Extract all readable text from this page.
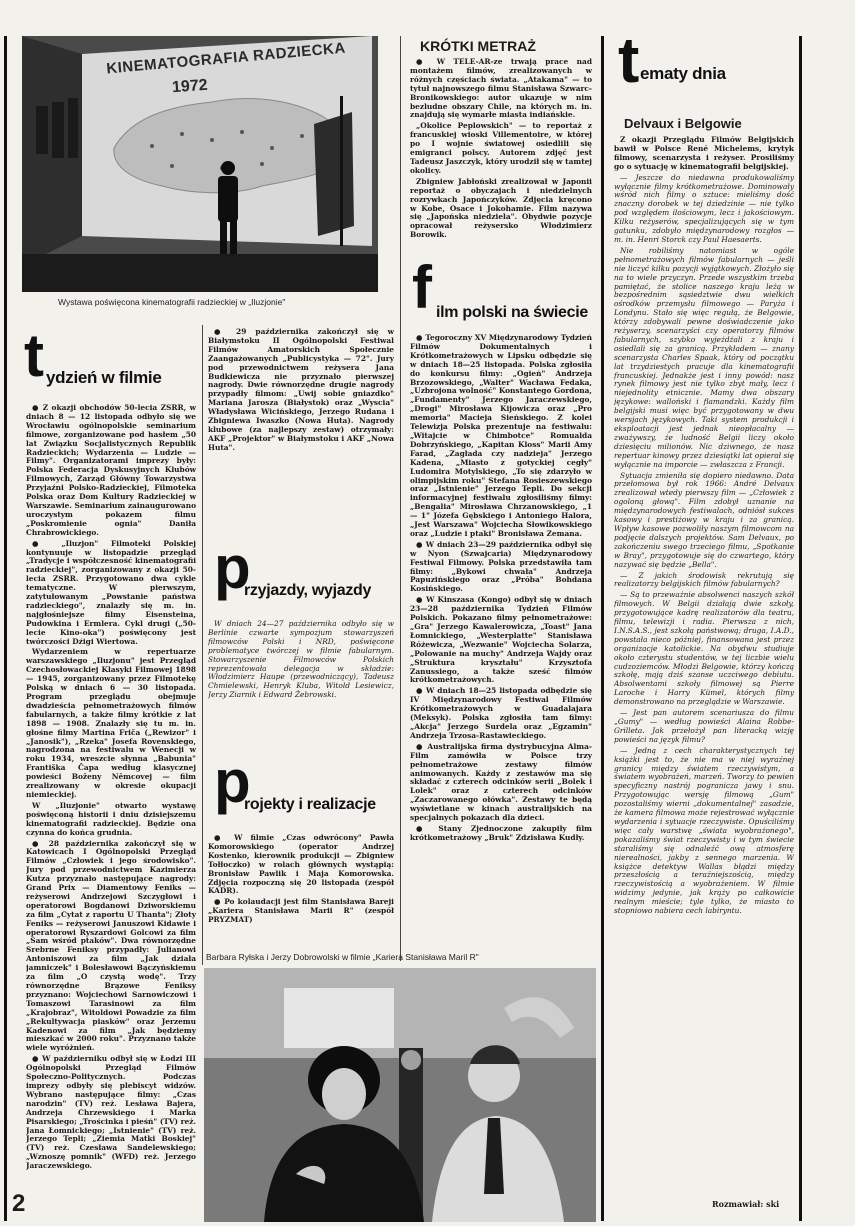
KINEMATOGRAFIA RADZIECKA
1972
Wystawa poświęcona kinematografii radzieckiej w „Iluzjonie"
KRÓTKI METRAŻ

● W TELE-AR-ze trwają prace nad montażem filmów, zrealizowanych w różnych częściach świata. „Atakama" — to tytuł najnowszego filmu Stanisława Szwarc-Bronikowskiego: autor ukazuje w nim bezludne obszary Chile, na których m. in. znajdują się wymarłe miasta indiańskie.

„Okolice Peplowskich" — to reportaż z francuskiej wioski Villementoire, w której po I wojnie światowej osiedlili się emigranci polscy. Autorem zdjęć jest Tadeusz Jaszczyk, który urodził się w tamtej okolicy.

Zbigniew Jabłoński zrealizował w Japonii reportaż o obyczajach i niedzielnych rozrywkach Japończyków. Zdjęcia kręcono w Kobe, Osace i Jokohamie. Film nazywa się „Japońska niedziela". Obydwie pozycje opracował reżysersko Włodzimierz Borowik.

f ilm polski na świecie

● Tegoroczny XV Międzynarodowy Tydzień Filmów Dokumentalnych i Krótkometrażowych w Lipsku odbędzie się w dniach 18—25 listopada. Polska zgłosiła do konkursu filmy: „Ogień" Andrzeja Brzozowskiego, „Walter" Wacława Fedaka, „Uzbrojona wolność" Konstantego Gordona, „Fundamenty" Jerzego Jaraczewskiego, „Drogi" Mirosława Kijowicza oraz „Pro memoria" Macieja Sieńskiego. Z kolei Telewizja Polska prezentuje na festiwalu: „Witajcie w Chimbotce" Romualda Dobrzyńskiego, „Kapitan Kloss" Marii Amy Farad, „Zagłada czy nadzieja" Jerzego Kadena, „Miasto z gotyckiej cegły" Ludomira Motylskiego, „To się zdarzyło w olimpijskim roku" Stefana Rosieszewskiego oraz „Istnienie" Jerzego Tepli. Do sekcji informacyjnej festiwalu zgłosiliśmy filmy: „Bengalia" Mirosława Chrzanowskiego, „1 — 1" Józefa Gębskiego i Antoniego Halora, „Jest Warszawa" Wojciecha Słowikowskiego oraz „Ludzie i ptaki" Bronisława Zemana.

● W dniach 23—29 października odbył się w Nyon (Szwajcaria) Międzynarodowy Festiwal Filmowy. Polska przedstawiła tam filmy: „Bykowi chwała" Andrzeja Papuzińskiego oraz „Próba" Bohdana Kosińskiego.

● W Kinszasa (Kongo) odbył się w dniach 23—28 października Tydzień Filmów Polskich. Pokazano filmy pełnometrażowe: „Gra" Jerzego Kawalerowicza, „Toast" Jana Łomnickiego, „Westerplatte" Stanisława Różewicza, „Wezwanie" Wojciecha Solarza, „Polowanie na muchy" Andrzeja Wajdy oraz „Struktura kryształu" Krzysztofa Zanussiego, a także sześć filmów krótkometrażowych.

● W dniach 18—25 listopada odbędzie się IV Międzynarodowy Festiwal Filmów Krótkometrażowych w Guadalajara (Meksyk). Polska zgłosiła tam filmy: „Akcja" Jerzego Surdela oraz „Egzamin" Andrzeja Trzosa-Rastawieckiego.

● Australijska firma dystrybucyjna Alma-Film zamówiła w Polsce trzy pełnometrażowe zestawy filmów animowanych. Każdy z zestawów ma się składać z czterech odcinków serii „Bolek i Lolek" oraz z czterech odcinków „Zaczarowanego ołówka". Zestawy te będą wyświetlane w kinach australijskich na specjalnych pokazach dla dzieci.

● Stany Zjednoczone zakupiły film krótkometrażowy „Bruk" Zdzisława Kudły.

t ematy dnia
Delvaux i Belgowie

Z okazji Przeglądu Filmów Belgijskich bawił w Polsce René Michelems, krytyk filmowy, scenarzysta i reżyser. Prosiliśmy go o sytuację w kinematografii belgijskiej.

— Jeszcze do niedawna produkowaliśmy wyłącznie filmy krótkometrażowe. Dominowały wśród nich filmy o sztuce: mieliśmy dość znaczny dorobek w tej dziedzinie — nie tylko pod względem ilościowym, lecz i jakościowym. Kilku reżyserów, specjalizujących się w tym gatunku, zdobyło międzynarodowy rozgłos — m. in. Henri Storck czy Paul Haesaerts.

Nie robiliśmy natomiast w ogóle pełnometrażowych filmów fabularnych — jeśli nie liczyć kilku pozycji wyjątkowych. Złożyło się na to wiele przyczyn. Przede wszystkim trzeba pamiętać, że stolice naszego kraju leżą w bezpośrednim sąsiedztwie dwu wielkich ośrodków przemysłu filmowego — Paryża i Londynu. Stało się więc regułą, że Belgowie, którzy zdobywali pewne doświadczenie jako reżyserzy, scenarzyści czy operatorzy filmów fabularnych, szybko wyjeżdżali z kraju i osiedlali się za granicą. Przykładem — znany scenarzysta Charles Spaak, który od początku lat trzydziestych pracuje dla kinematografii francuskiej. Jednakże jest i inny powód: nasz rynek filmowy jest nie tylko zbyt mały, lecz i niejednolity etnicznie. Mamy dwa obszary językowe: walloński i flamandzki. Każdy film belgijski musi więc być przygotowany w dwu wersjach językowych. Taki system produkcji i eksploatacji jest jednak nieopłacalny — zważywszy, że ludność Belgii liczy około dziesięciu milionów. Nic dziwnego, że nasz repertuar kinowy przez dziesiątki lat opierał się wyłącznie na imporcie — zwłaszcza z Francji.

Sytuacja zmieniła się dopiero niedawno. Data przełomowa był rok 1966: André Delvaux zrealizował wtedy pierwszy film — „Człowiek z ogoloną głową". Film zdobył uznanie na międzynarodowych festiwalach, odniósł sukces kasowy i prestiżowy w kraju i za granicą. Wpływ kasowe pozwoliły naszym filmowcom na podjęcie dalszych projektów. Sam Delvaux, po zakończeniu swego trzeciego filmu, „Spotkanie w Bray", przygotowuje się do czwartego, który nazywać się będzie „Bella".

— Z jakich środowisk rekrutują się realizatorzy belgijskich filmów fabularnych?

— Są to przeważnie absolwenci naszych szkół filmowych. W Belgii działają dwie szkoły, przygotowujące kadrę realizatorów dla teatru, filmu, telewizji i radia. Pierwsza z nich, I.N.S.A.S., jest szkołą państwową; druga, I.A.D., powstała nieco później, finansowana jest przez organizacje katolickie. Na obydwu studiuje około czterystu studentów, w tej liczbie wielu cudzoziemców. Młodzi Belgowie, którzy kończą szkołę, mają dziś szanse uczciwego debiutu. Absolwentami szkoły filmowej są Pierre Laroche i Harry Kümel, których filmy demonstrowano na przeglądzie w Warszawie.

— Jest pan autorem scenariusza do filmu „Gumy" — według powieści Alaina Robbe-Grilleta. Jak przełożył pan literacką wizję powieści na język filmu?

— Jedną z cech charakterystycznych tej książki jest to, że nie ma w niej wyraźnej granicy między światem rzeczywistym, a światem wyobrażeń, marzeń. Tworzy to pewien specyficzny nastrój pogranicza jawy i snu. Przygotowując wersję filmową „Gum" pozostaliśmy wierni „dokumentalnej" zasadzie, że kamera filmowa może rejestrować wyłącznie wydarzenia i sytuacje rzeczywiste. Opuściliśmy więc cały warstwę „świata wyobrażonego", pokazaliśmy świat rzeczywisty i w tym świecie staraliśmy się odnaleźć ową atmosferę nierealności, jakby z sennego marzenia. W książce detektyw Wallas błądzi między przeszłością a teraźniejszością, między rzeczywistością a wyobrażeniem. W filmie widzimy jedynie, jak krąży po całkowicie realnym mieście; tyle tylko, że miasto to stopniowo nabiera cech labiryntu.

Rozmawiał: ski
t ydzień w filmie

● Z okazji obchodów 50-lecia ZSRR, w dniach 8 — 12 listopada odbyło się we Wrocławiu ogólnopolskie seminarium filmowe, zorganizowane pod hasłem „50 lat Związku Socjalistycznych Republik Radzieckich; Wydarzenia — Ludzie — Filmy". Organizatorami imprezy były: Polska Federacja Dyskusyjnych Klubów Filmowych, Zarząd Główny Towarzystwa Przyjaźni Polsko-Radzieckiej, Filmoteka Polska oraz Dom Kultury Radzieckiej w Warszawie. Seminarium zainaugurowano uroczystym pokazem filmu „Poskromienie ognia" Daniła Chrabrowickiego.

● „Iluzjon" Filmoteki Polskiej kontynuuje w listopadzie przegląd „Tradycje i współczesność kinematografii radzieckiej", zorganizowany z okazji 50-lecia ZSRR. Przygotowano dwa cykle tematyczne. W pierwszym, zatytułowanym „Powstanie państwa radzieckiego", znalazły się m. in. najgłośniejsze filmy Eisensteina, Pudowkina i Ermlera. Cykl drugi („50-lecie Kino-oka") poświęcony jest twórczości Dźigi Wiertowa.

Wydarzeniem w repertuarze warszawskiego „Iluzjonu" jest Przegląd Czechosłowackiej Klasyki Filmowej 1898 — 1945, zorganizowany przez Filmotekę Polską w dniach 6 — 30 listopada. Program przeglądu obejmuje dwadzieścia pełnometrażowych filmów fabularnych, a także filmy krótkie z lat 1898 — 1908. Znalazły się tu m. in. głośne filmy Martina Friča („Rewizor" i „Janosik"), „Rzeka" Josefa Rovenskiego, nagrodzona na festiwalu w Wenecji w roku 1934, wreszcie słynna „Babunia" Františka Čapa według klasycznej powieści Boženy Němcovej — film zrealizowany w okresie okupacji niemieckiej.

W „Iluzjonie" otwarto wystawę poświęconą historii i dniu dzisiejszemu kinematografii radzieckiej. Będzie ona czynna do końca grudnia.

● 28 października zakończył się w Katowicach I Ogólnopolski Przegląd Filmów „Człowiek i jego środowisko". Jury pod przewodnictwem Kazimierza Kutza przyznało następujące nagrody: Grand Prix — Diamentowy Feniks — reżyserowi Andrzejowi Szczygłowi i operatorowi Bogdanowi Dziworskiemu za film „Cytat z raportu U Thanta"; Złoty Feniks — reżyserowi Januszowi Kidawie i operatorowi Ryszardowi Golcowi za film „Sam wśród ptaków". Dwa równorzędne Srebrne Feniksy przypadły: Julianowi Antoniszowi za film „Jak działa jamniczek" i Bolesławowi Bączyńskiemu za film „O czystą wodę". Trzy równorzędne Brązowe Feniksy przyznano: Wojciechowi Sarnowiczowi i Tomaszowi Tarasinowi za film „Krajobraz", Witoldowi Powadzie za film „Rekultywacja piasków" oraz Jerzemu Kadenowi za film „Jak będziemy mieszkać w 2000 roku". Przyznano także wiele wyróżnień.

● W październiku odbył się w Łodzi III Ogólnopolski Przegląd Filmów Społeczno-Politycznych. Podczas imprezy odbyły się plebiscyt widzów. Wybrano następujące filmy: „Czas narodzin" (TV) reż. Lesława Bajera, Andrzeja Chrzewskiego i Marka Pisarskiego; „Trościnka i pieśń" (TV) reż. Jana Łomnickiego; „Istnienie" (TV) reż. Jerzego Tepli; „Ziemia Matki Boskiej" (TV) reż. Czesława Sandelewskiego; „Wznoszę pomnik" (WFD) reż. Jerzego Jaraczewskiego.

● 29 października zakończył się w Białymstoku II Ogólnopolski Festiwal Filmów Amatorskich Społecznie Zaangażowanych „Publicystyka — 72". Jury pod przewodnictwem reżysera Jana Budkiewicza nie przyznało pierwszej nagrody. Dwie równorzędne drugie nagrody przypadły filmom: „Uwij sobie gniazdko" Mariana Jarosza (Białystok) oraz „Wyscia" Władysława Wicińskiego, Jerzego Rudana i Zbigniewa Iwaszko (Nowa Huta). Nagrody klubowe (za najlepszy zestaw) otrzymały: AKF „Projektor" w Białymstoku i AKF „Nowa Huta".

p
rzyjazdy, wyjazdy

W dniach 24—27 października odbyło się w Berlinie czwarte sympozjum stowarzyszeń filmowców Polski i NRD, poświęcone problematyce twórczej w filmie fabularnym. Stowarzyszenie Filmowców Polskich reprezentowała delegacja w składzie: Włodzimierz Haupe (przewodniczący), Tadeusz Chmielewski, Henryk Kluba, Witold Lesiewicz, Jerzy Ziarnik i Edward Żebrowski.

p
rojekty i realizacje

● W filmie „Czas odwrócony" Pawła Komorowskiego (operator Andrzej Kostenko, kierownik produkcji — Zbigniew Tołłoczko) w rolach głównych wystąpią: Bronisław Pawlik i Maja Komorowska. Zdjęcia rozpoczną się 20 listopada (zespół KADR).

● Po kolaudacji jest film Stanisława Bareji „Kariera Stanisława Marii R" (zespół PRYZMAT)

Barbara Ryłska i Jerzy Dobrowolski w filmie „Kariera Stanisława Maril R"
2
